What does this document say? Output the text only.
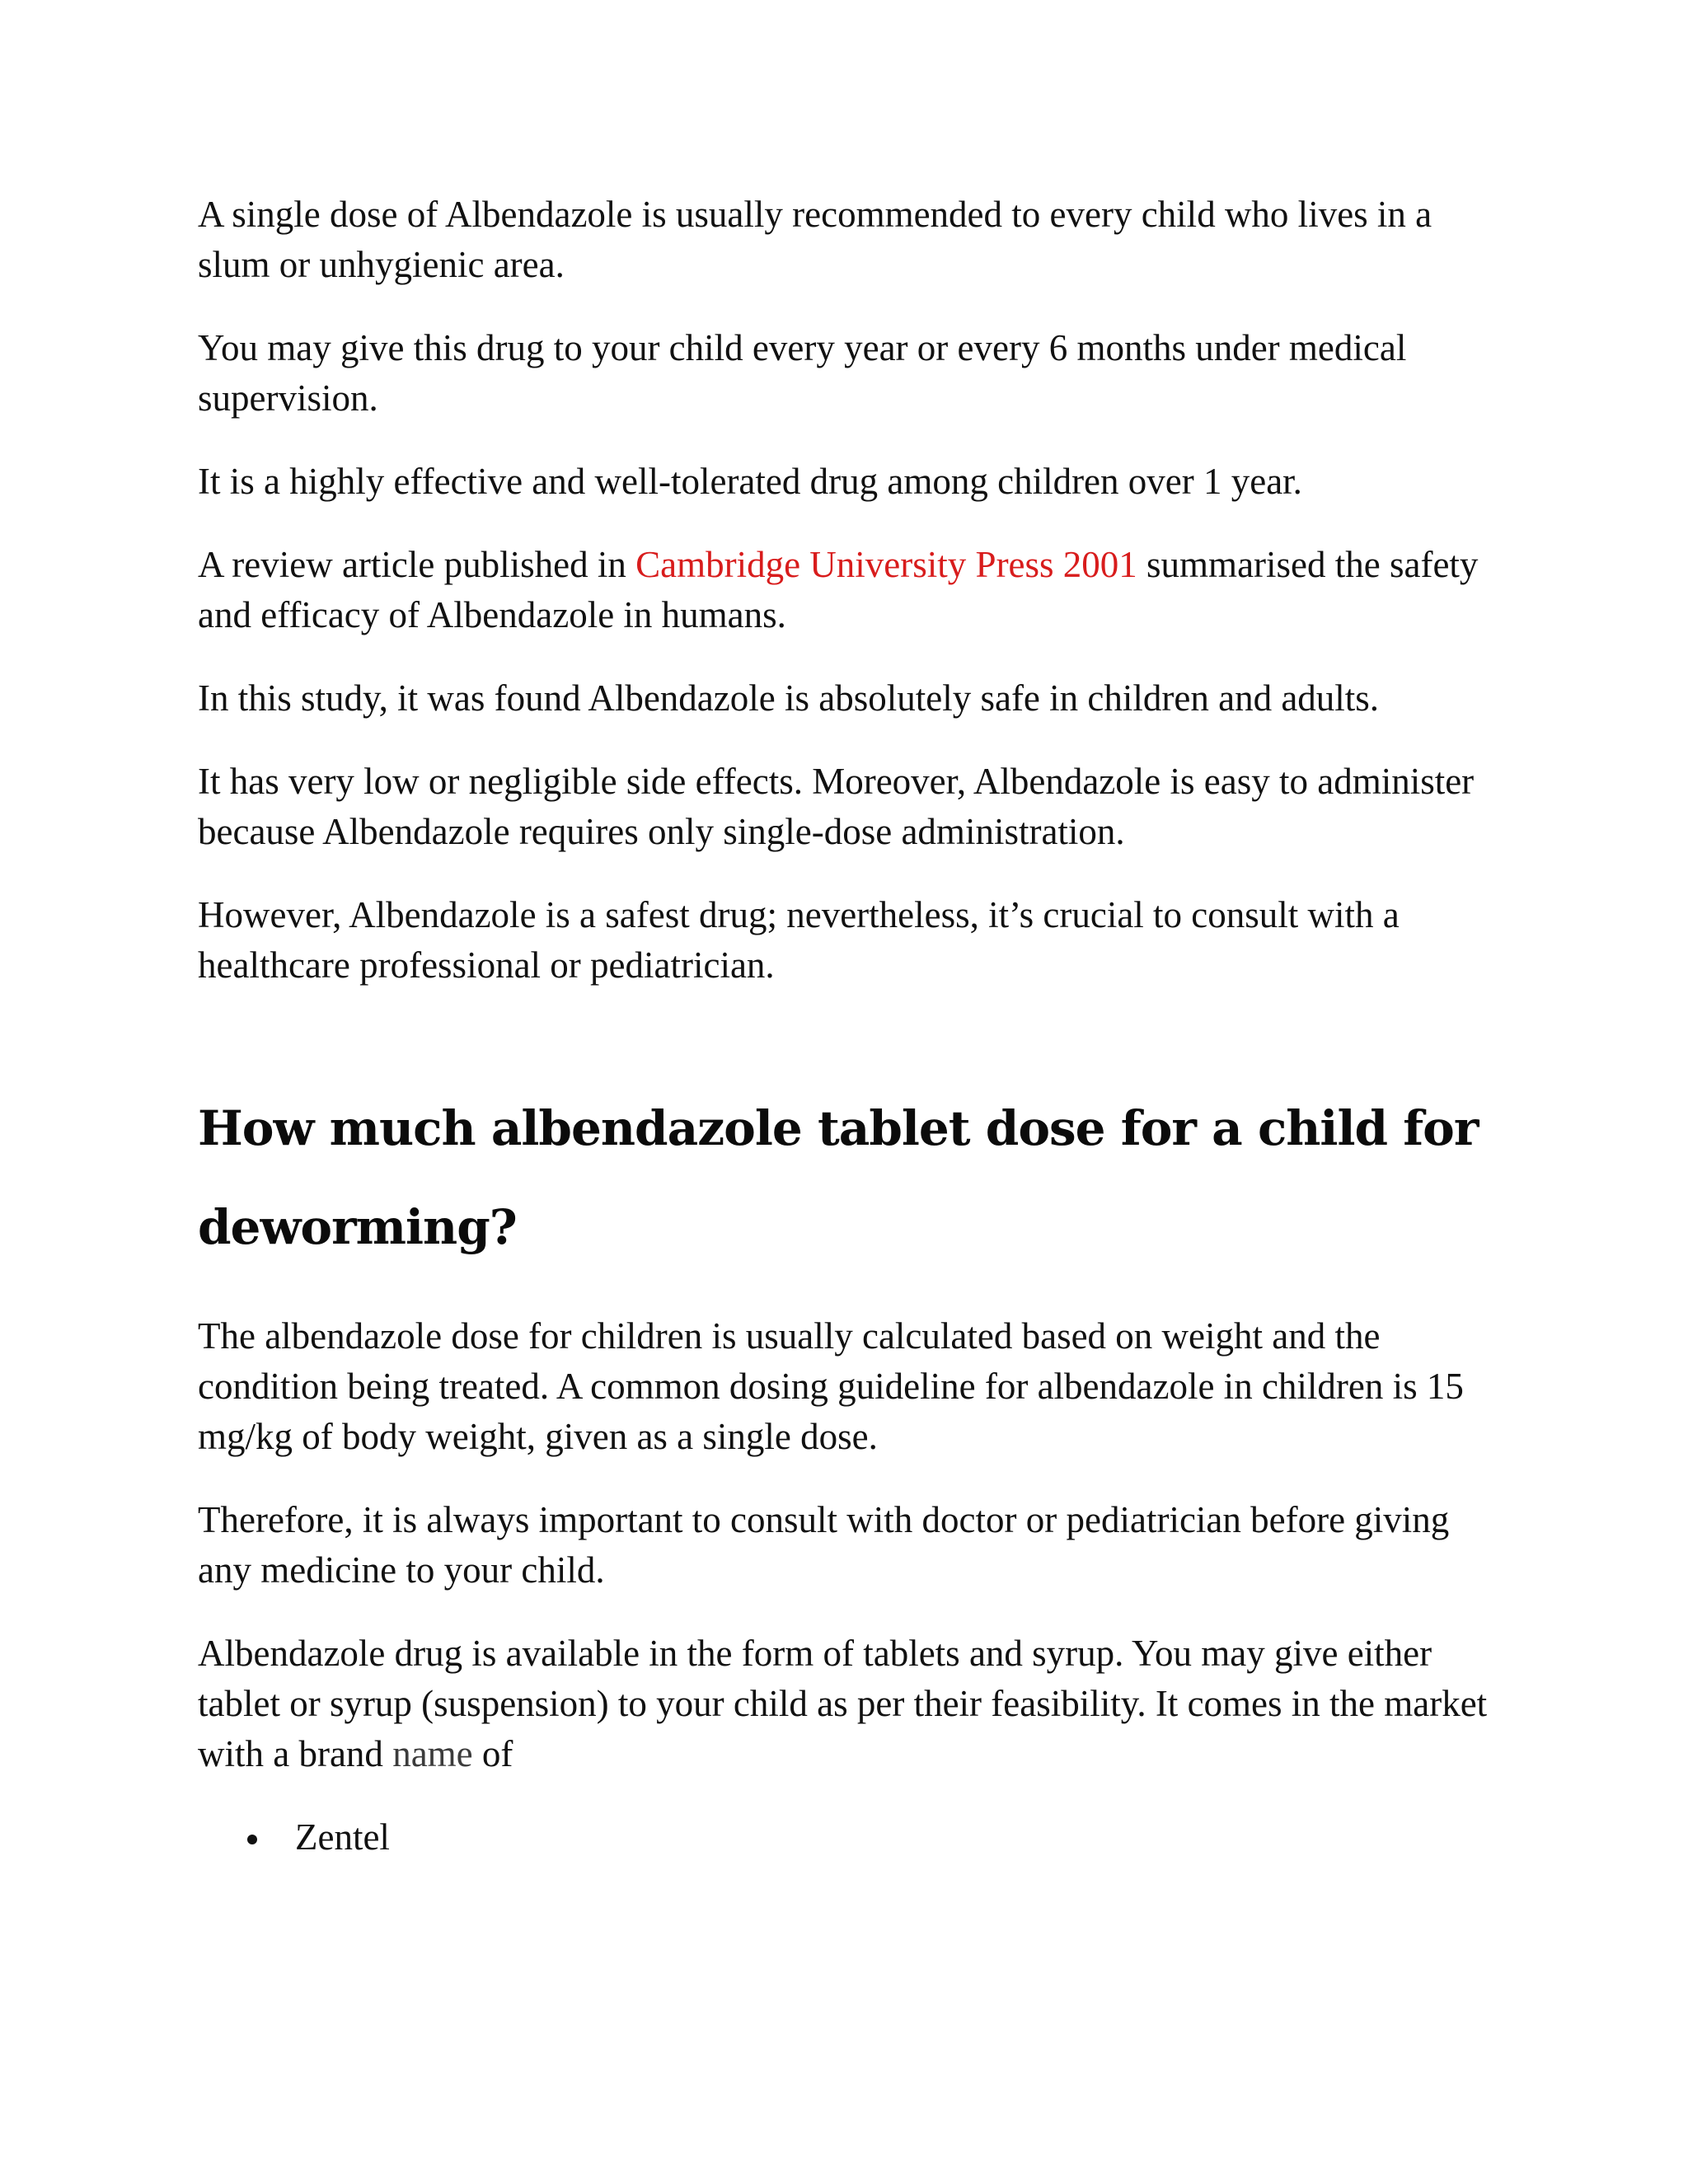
A single dose of Albendazole is usually recommended to every child who lives in a slum or unhygienic area.

You may give this drug to your child every year or every 6 months under medical supervision.

It is a highly effective and well-tolerated drug among children over 1 year.

A review article published in Cambridge University Press 2001 summarised the safety and efficacy of Albendazole in humans.

In this study, it was found Albendazole is absolutely safe in children and adults.

It has very low or negligible side effects. Moreover, Albendazole is easy to administer because Albendazole requires only single-dose administration.

However, Albendazole is a safest drug; nevertheless, it’s crucial to consult with a healthcare professional or pediatrician.

How much albendazole tablet dose for a child for deworming?

The albendazole dose for children is usually calculated based on weight and the condition being treated. A common dosing guideline for albendazole in children is 15 mg/kg of body weight, given as a single dose.

Therefore, it is always important to consult with doctor or pediatrician before giving any medicine to your child.

Albendazole drug is available in the form of tablets and syrup. You may give either tablet or syrup (suspension) to your child as per their feasibility. It comes in the market with a brand name of

Zentel
